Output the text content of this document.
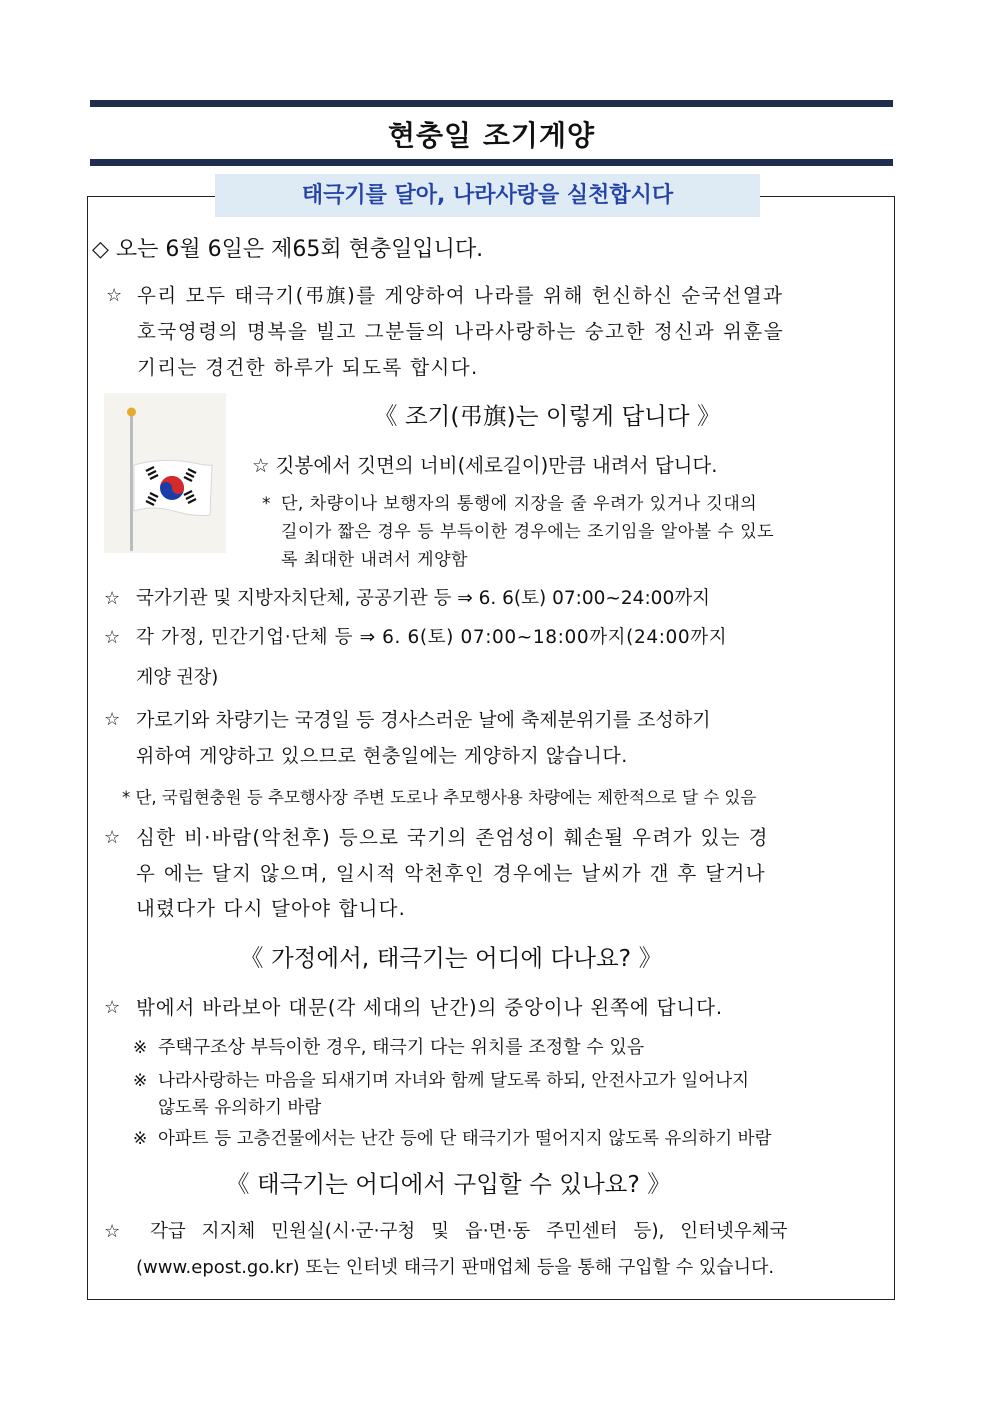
현충일 조기게양
태극기를 달아, 나라사랑을 실천합시다
◇ 오는 6월 6일은 제65회 현충일입니다.
☆ 우리 모두 태극기(弔旗)를 게양하여 나라를 위해 헌신하신 순국선열과
호국영령의 명복을 빌고 그분들의 나라사랑하는 숭고한 정신과 위훈을
기리는 경건한 하루가 되도록 합시다.
《 조기(弔旗)는 이렇게 답니다 》
☆ 깃봉에서 깃면의 너비(세로길이)만큼 내려서 답니다.
* 단, 차량이나 보행자의 통행에 지장을 줄 우려가 있거나 깃대의
길이가 짧은 경우 등 부득이한 경우에는 조기임을 알아볼 수 있도
록 최대한 내려서 게양함
☆ 국가기관 및 지방자치단체, 공공기관 등 ⇒ 6. 6(토) 07:00~24:00까지
☆ 각 가정, 민간기업·단체 등 ⇒ 6. 6(토) 07:00~18:00까지(24:00까지
게양 권장)
☆ 가로기와 차량기는 국경일 등 경사스러운 날에 축제분위기를 조성하기
위하여 게양하고 있으므로 현충일에는 게양하지 않습니다.
* 단, 국립현충원 등 추모행사장 주변 도로나 추모행사용 차량에는 제한적으로 달 수 있음
☆ 심한 비·바람(악천후) 등으로 국기의 존엄성이 훼손될 우려가 있는 경
우 에는 달지 않으며, 일시적 악천후인 경우에는 날씨가 갠 후 달거나
내렸다가 다시 달아야 합니다.
《 가정에서, 태극기는 어디에 다나요? 》
☆ 밖에서 바라보아 대문(각 세대의 난간)의 중앙이나 왼쪽에 답니다.
※ 주택구조상 부득이한 경우, 태극기 다는 위치를 조정할 수 있음
※ 나라사랑하는 마음을 되새기며 자녀와 함께 달도록 하되, 안전사고가 일어나지
않도록 유의하기 바람
※ 아파트 등 고층건물에서는 난간 등에 단 태극기가 떨어지지 않도록 유의하기 바람
《 태극기는 어디에서 구입할 수 있나요? 》
☆ 각급 지지체 민원실(시·군·구청 및 읍·면·동 주민센터 등), 인터넷우체국
(www.epost.go.kr) 또는 인터넷 태극기 판매업체 등을 통해 구입할 수 있습니다.
